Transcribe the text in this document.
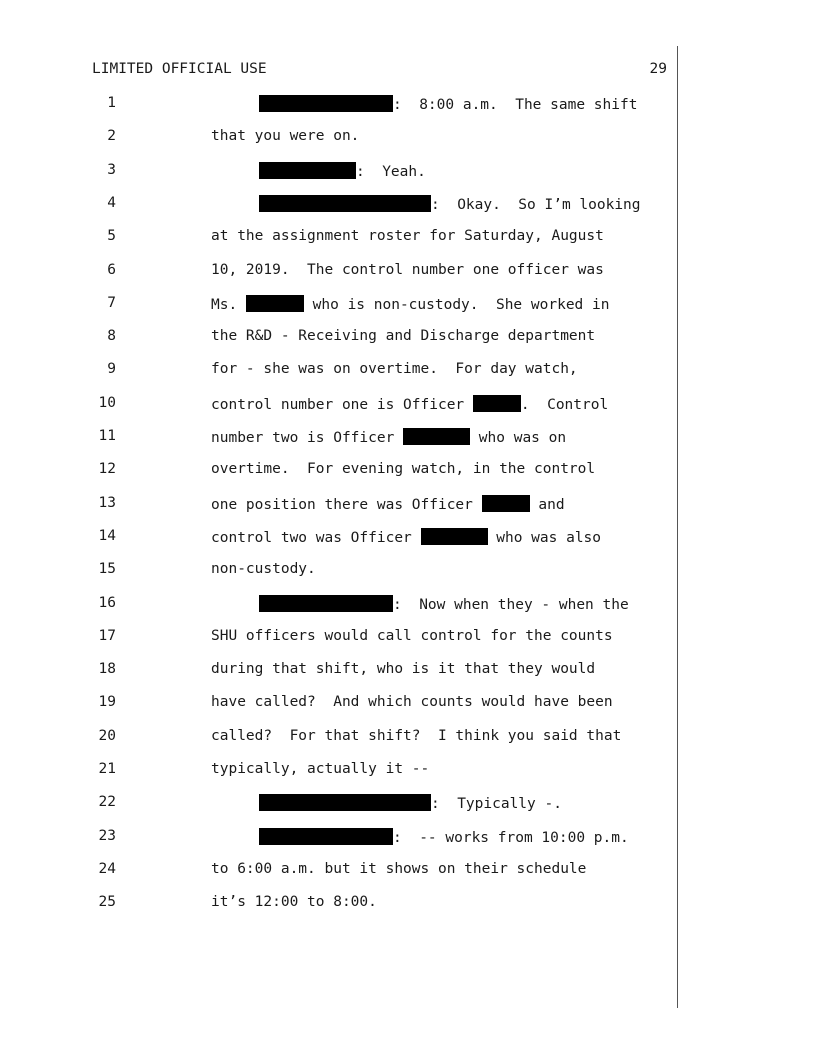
LIMITED OFFICIAL USE	29
1	:  8:00 a.m.  The same shift
2	that you were on.
3	:  Yeah.
4	:  Okay.  So I’m looking
5	at the assignment roster for Saturday, August
6	10, 2019.  The control number one officer was
7	Ms.	who is non-custody.  She worked in
8	the R&D - Receiving and Discharge department
9	for - she was on overtime.  For day watch,
10	control number one is Officer	.  Control
11	number two is Officer	who was on
12	overtime.  For evening watch, in the control
13	one position there was Officer	and
14	control two was Officer	who was also
15	non-custody.
16	:  Now when they - when the
17	SHU officers would call control for the counts
18	during that shift, who is it that they would
19	have called?  And which counts would have been
20	called?  For that shift?  I think you said that
21	typically, actually it --
22	:  Typically -.
23	:  -- works from 10:00 p.m.
24	to 6:00 a.m. but it shows on their schedule
25	it’s 12:00 to 8:00.
